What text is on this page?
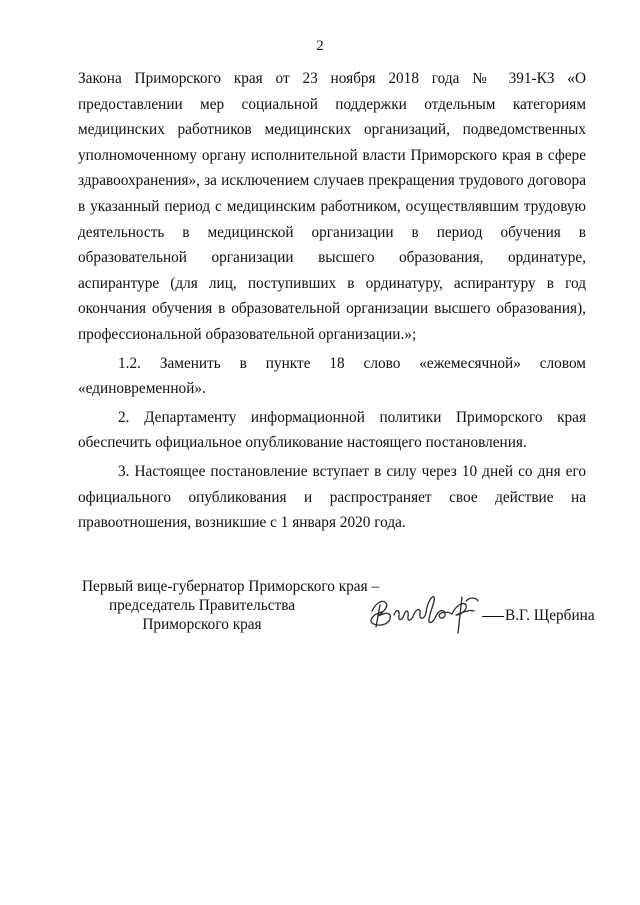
2

Закона Приморского края от 23 ноября 2018 года № 391-КЗ «О предоставлении мер социальной поддержки отдельным категориям медицинских работников медицинских организаций, подведомственных уполномоченному органу исполнительной власти Приморского края в сфере здравоохранения», за исключением случаев прекращения трудового договора в указанный период с медицинским работником, осуществлявшим трудовую деятельность в медицинской организации в период обучения в образовательной организации высшего образования, ординатуре, аспирантуре (для лиц, поступивших в ординатуру, аспирантуру в год окончания обучения в образовательной организации высшего образования), профессиональной образовательной организации.»;

1.2. Заменить в пункте 18 слово «ежемесячной» словом «единовременной».

2. Департаменту информационной политики Приморского края обеспечить официальное опубликование настоящего постановления.

3. Настоящее постановление вступает в силу через 10 дней со дня его официального опубликования и распространяет свое действие на правоотношения, возникшие с 1 января 2020 года.

Первый вице-губернатор Приморского края –
председатель Правительства
Приморского края
В.Г. Щербина
